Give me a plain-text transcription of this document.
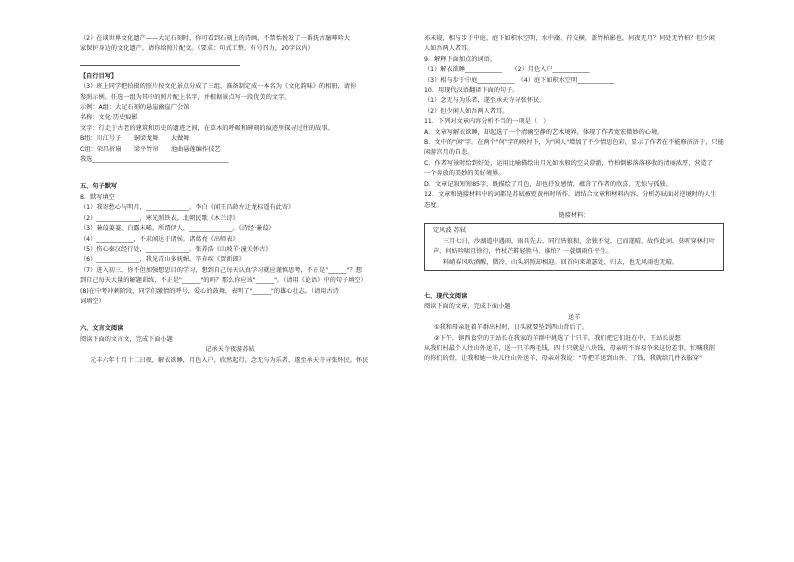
（2）在谈世界文化遗产——大足石刻时，你可看到石刻上的诗画，不禁怡悦发了一番抚古臆呻吟大
家保护身边的文化遗产，请你给照片配文。（要求：句式工整，有号召力，20字以内）
【自行目写】
（3）班上同学把拍摄的照片按文化景点分成了三组，准备制定成一本名为《文化韵味》的相册，请你
参照示例，任选一组为其中的照片配上名字，并根据景点写一段优美的文字。
示例：A组：大足石刻的悬崖幽崖广会馆
名称：文化·历史痕影
文字：行走于古老的建筑和历史的遗迹之间，在草木的呼吸和碑刻的痕迹里探寻过往的故事。
B组：川江号子　　铜梁龙舞　　大做舞
C组：荣昌折扇　　梁平竹帘　　池曲悬莲编作技艺
我选____________________________________________
五、句子默写
8．默写填空
（1）我寄愁心与明月，______________。李白《闻王昌龄左迁龙标遥有此寄》
（2）______________，寒光照铁衣。北朝民歌《木兰诗》
（3）蒹葭萋萋，白露未晞。所谓伊人，______________。《诗经·蒹葭》
（4）____________，不求闻达于诸侯。诸葛亮《出师表》
（5）伤心秦汉经行处，______________。张养浩《山坡羊·潼关怀古》
（6）______________，我见青山多妩媚。辛弃疾《贺新郎》
（7）进入初三，你不但加强想思目的学习，想到自己每天认真学习就应谨慎思考，不正是"______"？想
到自己每天大量的解题训练，不正是"______"的吗？那么你应该"______"。（请用《论语》中的句子填空）
(8)在中考冲刺阶段，同学们激情的呼号，爱心的鼓舞，表明了"______"的雄心壮志。（请用古诗
词填空）
六、文言文阅读
阅读下面的文言文，完成下面小题
记承天寺夜游苏轼
元丰六年十月十二日夜，解衣欲睡，月色入户，欣然起行。念无与为乐者，遂至承天寺寻张怀民。怀民
亦未寝，相与步于中庭。庭下如积水空明，水中藻、荇交横，盖竹柏影也。何夜无月？何处无竹柏？但少闲
人如吾两人者耳。
9．解释下面加点的词语。
（1）解衣欲睡____________　　（2）月色入户____________
（3）相与步于中庭____________　（4）庭下如积水空明____________
10．用现代汉语翻译下面的句子。
（1）念无与为乐者，遂至承天寺寻张怀民。
（2）但少闲人如吾两人者耳。
11．下列对文章内容分析不当的一项是（　）
A．文章写解衣欲睡，却起选了一个清幽空静的艺术境界，体现了作者宽宏微妙的心境。
B．文中的"闲"字，在两个"何"字的映衬下，为"闲人"增加了不少情思色彩，显示了作者在不能修济济于，只能
闲游宫月的自悲。
C．作者写景时恰到好处，运用比喻描绘出月光如水般的空灵澄澈，竹柏倒影落落移收的清丽浓厚，营造了
一个奔放的美妙的美好境界。
D．文章记叙短短85字，既描绘了月色，却也抒发感情，蕴含了作者的欣喜、无惊与孤独。
12．文章和链接材料中的词都是苏轼被贬黄州时所作，请结合文章和材料内容，分析苏轼面对逆境时的人生
态度。
链接材料：
定风波 苏轼
三月七日，沙湖道中遇雨，雨具先去，同行皆狼狈，余独不觉，已而遂晴，故作此词。莫听穿林打叶
声，何妨吟啸且徐行，竹杖芒鞋轻胜马，谁怕？一蓑烟雨任平生。
料峭春风吹酒醒，微冷，山头斜照却相迎。回首向来萧瑟处，归去，也无风雨也无晴。
七、现代文阅读
阅读下面的文章，完成下面小题
送羊
①我和母亲赶着羊群出村时，日头就要坠到西山背后了。
②下午，镇西食堂的王站长在我家的羊群中挑选了十只羊，我们把它们赶在中，王站长说想
从我们村最个人往山外送羊，送一只羊两毛钱，四十只就是八块钱，母亲听不容易争来这份差事，忙喊我削
的你们的骨，让我和她一块儿往山外送羊，母亲对我说："等把羊送到山外，了钱，我就给几件衣服穿"
